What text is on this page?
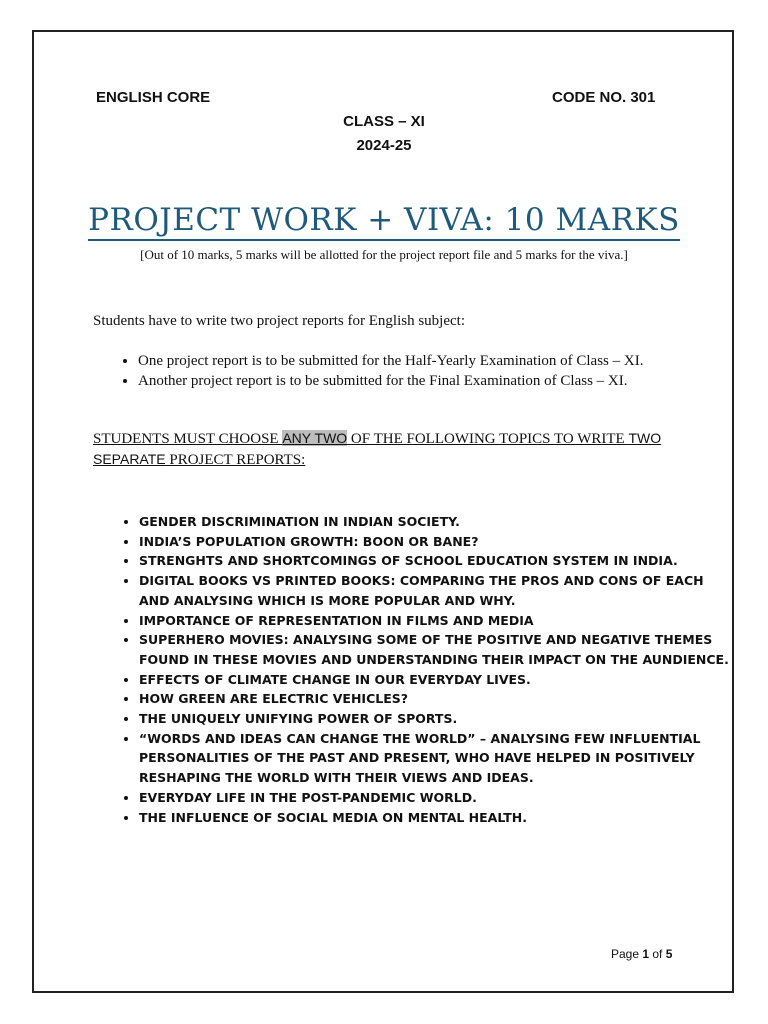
ENGLISH CORE	CODE NO. 301
CLASS – XI
2024-25
PROJECT WORK + VIVA: 10 MARKS
[Out of 10 marks, 5 marks will be allotted for the project report file and 5 marks for the viva.]
Students have to write two project reports for English subject:
• One project report is to be submitted for the Half-Yearly Examination of Class – XI.
• Another project report is to be submitted for the Final Examination of Class – XI.
STUDENTS MUST CHOOSE ANY TWO OF THE FOLLOWING TOPICS TO WRITE TWO SEPARATE PROJECT REPORTS:
• GENDER DISCRIMINATION IN INDIAN SOCIETY.
• INDIA’S POPULATION GROWTH: BOON OR BANE?
• STRENGHTS AND SHORTCOMINGS OF SCHOOL EDUCATION SYSTEM IN INDIA.
• DIGITAL BOOKS VS PRINTED BOOKS: COMPARING THE PROS AND CONS OF EACH AND ANALYSING WHICH IS MORE POPULAR AND WHY.
• IMPORTANCE OF REPRESENTATION IN FILMS AND MEDIA
• SUPERHERO MOVIES: ANALYSING SOME OF THE POSITIVE AND NEGATIVE THEMES FOUND IN THESE MOVIES AND UNDERSTANDING THEIR IMPACT ON THE AUNDIENCE.
• EFFECTS OF CLIMATE CHANGE IN OUR EVERYDAY LIVES.
• HOW GREEN ARE ELECTRIC VEHICLES?
• THE UNIQUELY UNIFYING POWER OF SPORTS.
• “WORDS AND IDEAS CAN CHANGE THE WORLD” – ANALYSING FEW INFLUENTIAL PERSONALITIES OF THE PAST AND PRESENT, WHO HAVE HELPED IN POSITIVELY RESHAPING THE WORLD WITH THEIR VIEWS AND IDEAS.
• EVERYDAY LIFE IN THE POST-PANDEMIC WORLD.
• THE INFLUENCE OF SOCIAL MEDIA ON MENTAL HEALTH.
Page 1 of 5
